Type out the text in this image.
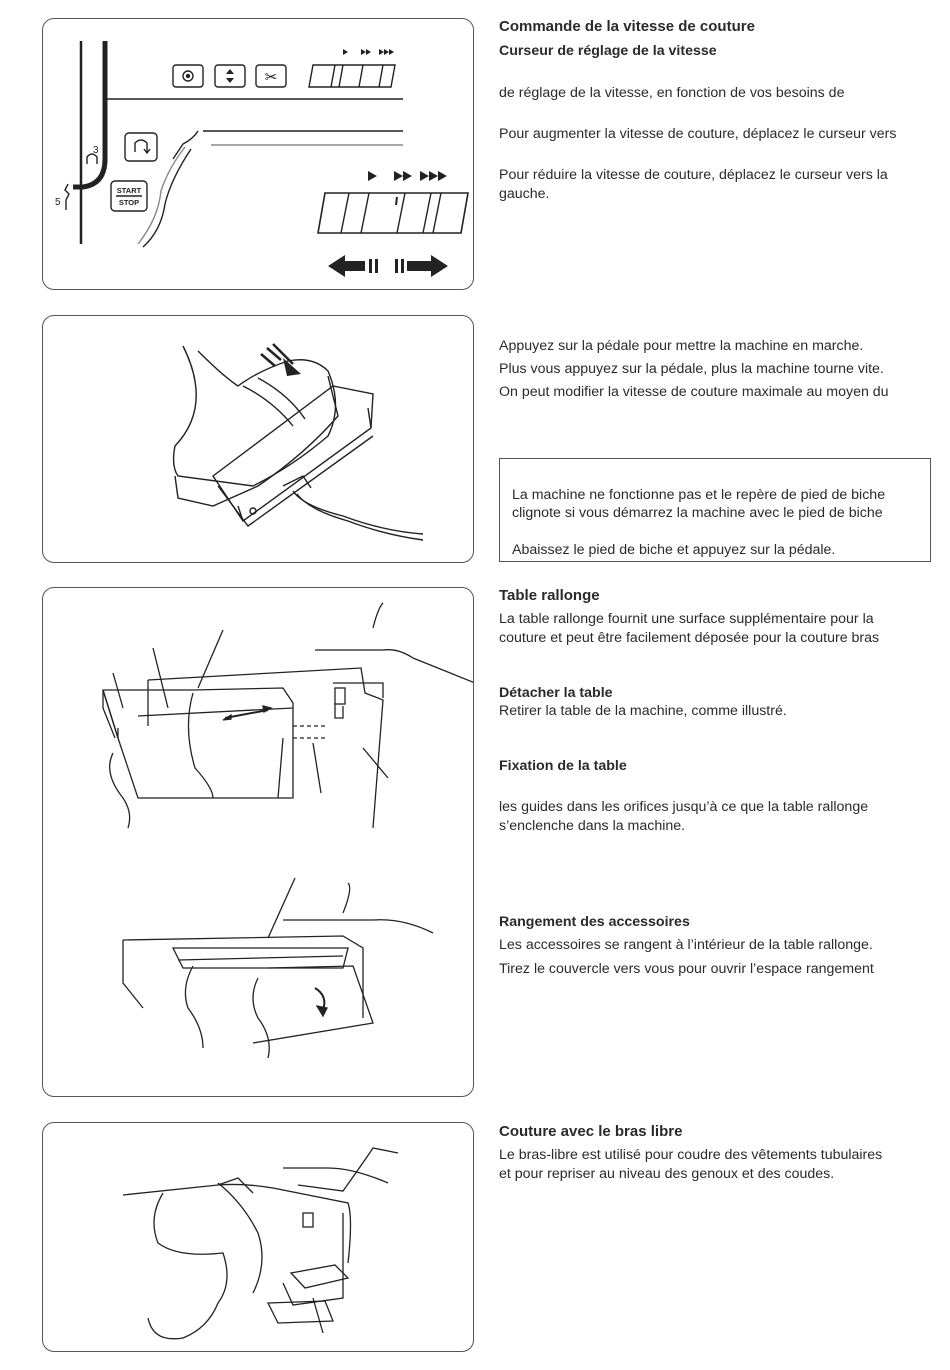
✂
START
STOP
3
5
Commande de la vitesse de couture
Curseur de réglage de la vitesse
de réglage de la vitesse, en fonction de vos besoins de
Pour augmenter la vitesse de couture, déplacez le curseur vers
Pour réduire la vitesse de couture, déplacez le curseur vers la
gauche.
Appuyez sur la pédale pour mettre la machine en marche.
Plus vous appuyez sur la pédale, plus la machine tourne vite.
On peut modifier la vitesse de couture maximale au moyen du
La machine ne fonctionne pas et le repère de pied de biche
clignote si vous démarrez la machine avec le pied de biche
Abaissez le pied de biche et appuyez sur la pédale.
Table rallonge
La table rallonge fournit une surface supplémentaire pour la
couture et peut être facilement déposée pour la couture bras
Détacher la table
Retirer la table de la machine, comme illustré.
Fixation de la table
les guides dans les orifices jusqu’à ce que la table rallonge
s’enclenche dans la machine.
Rangement des accessoires
Les accessoires se rangent à l’intérieur de la table rallonge.
Tirez le couvercle vers vous pour ouvrir l’espace rangement
Couture avec le bras libre
Le bras-libre est utilisé pour coudre des vêtements tubulaires
et pour repriser au niveau des genoux et des coudes.
